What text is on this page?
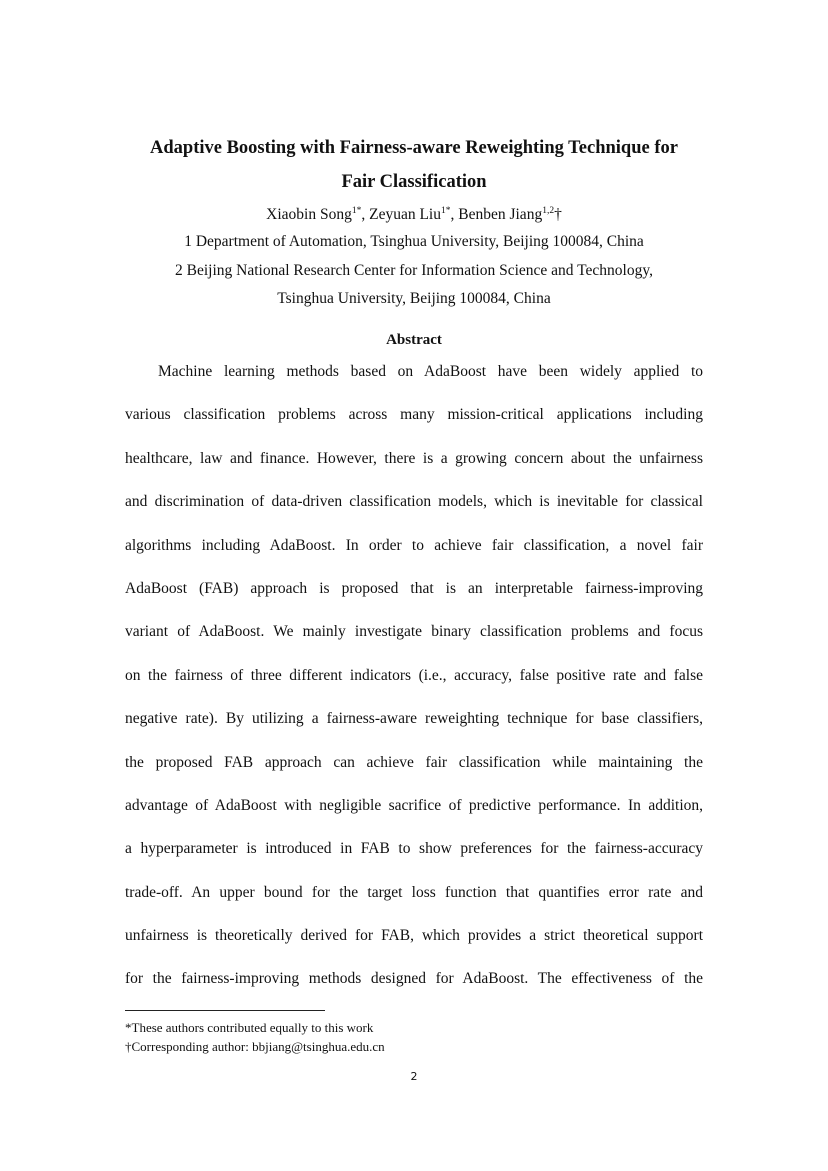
Adaptive Boosting with Fairness-aware Reweighting Technique for
Fair Classification
Xiaobin Song$^{1*}$, Zeyuan Liu$^{1*}$, Benben Jiang$^{1,2}$†
1 Department of Automation, Tsinghua University, Beijing 100084, China
2 Beijing National Research Center for Information Science and Technology,
Tsinghua University, Beijing 100084, China
Abstract
Machine learning methods based on AdaBoost have been widely applied to
various classification problems across many mission-critical applications including
healthcare, law and finance. However, there is a growing concern about the unfairness
and discrimination of data-driven classification models, which is inevitable for classical
algorithms including AdaBoost. In order to achieve fair classification, a novel fair
AdaBoost (FAB) approach is proposed that is an interpretable fairness-improving
variant of AdaBoost. We mainly investigate binary classification problems and focus
on the fairness of three different indicators (i.e., accuracy, false positive rate and false
negative rate). By utilizing a fairness-aware reweighting technique for base classifiers,
the proposed FAB approach can achieve fair classification while maintaining the
advantage of AdaBoost with negligible sacrifice of predictive performance. In addition,
a hyperparameter is introduced in FAB to show preferences for the fairness-accuracy
trade-off. An upper bound for the target loss function that quantifies error rate and
unfairness is theoretically derived for FAB, which provides a strict theoretical support
for the fairness-improving methods designed for AdaBoost. The effectiveness of the
*These authors contributed equally to this work
†Corresponding author: bbjiang@tsinghua.edu.cn
2
